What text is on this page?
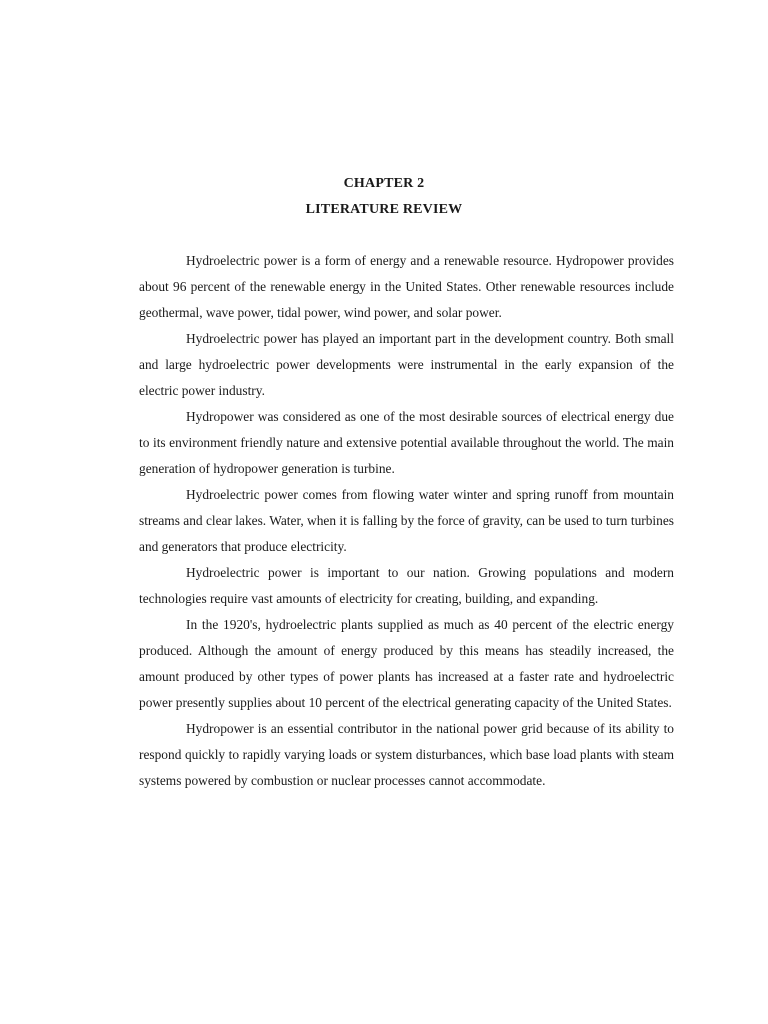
CHAPTER 2
LITERATURE REVIEW

Hydroelectric power is a form of energy and a renewable resource. Hydropower provides about 96 percent of the renewable energy in the United States. Other renewable resources include geothermal, wave power, tidal power, wind power, and solar power.

Hydroelectric power has played an important part in the development country. Both small and large hydroelectric power developments were instrumental in the early expansion of the electric power industry.

Hydropower was considered as one of the most desirable sources of electrical energy due to its environment friendly nature and extensive potential available throughout the world. The main generation of hydropower generation is turbine.

Hydroelectric power comes from flowing water winter and spring runoff from mountain streams and clear lakes. Water, when it is falling by the force of gravity, can be used to turn turbines and generators that produce electricity.

Hydroelectric power is important to our nation. Growing populations and modern technologies require vast amounts of electricity for creating, building, and expanding.

In the 1920's, hydroelectric plants supplied as much as 40 percent of the electric energy produced. Although the amount of energy produced by this means has steadily increased, the amount produced by other types of power plants has increased at a faster rate and hydroelectric power presently supplies about 10 percent of the electrical generating capacity of the United States.

Hydropower is an essential contributor in the national power grid because of its ability to respond quickly to rapidly varying loads or system disturbances, which base load plants with steam systems powered by combustion or nuclear processes cannot accommodate.
